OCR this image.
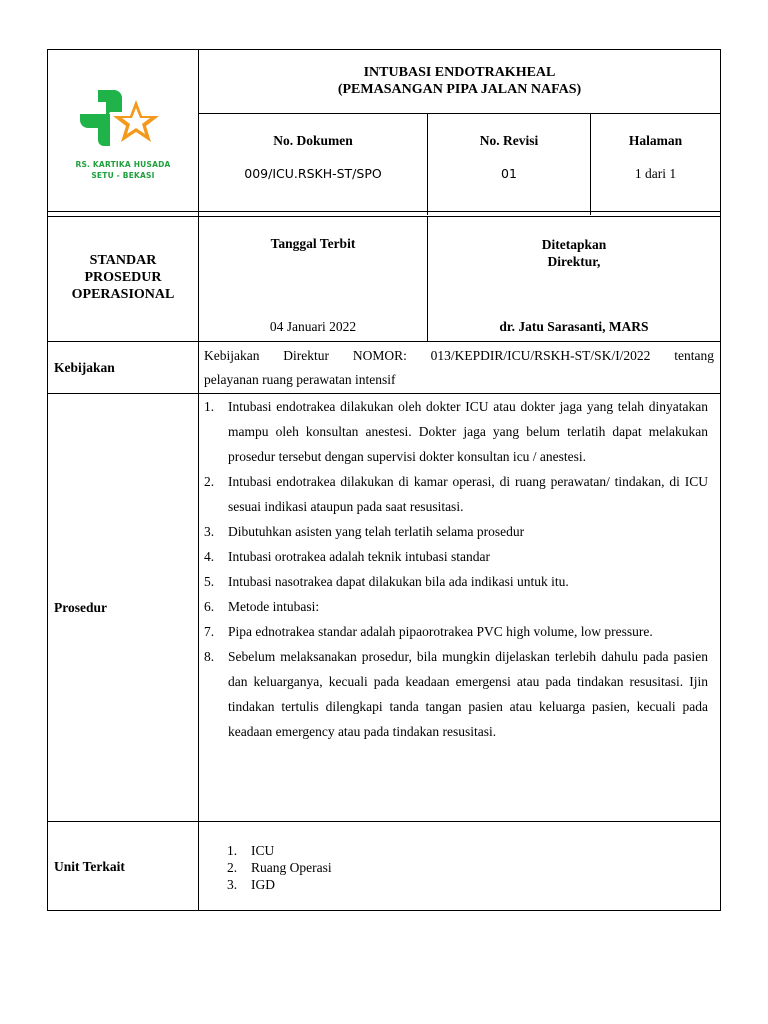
RS. KARTIKA HUSADA
SETU - BEKASI
INTUBASI ENDOTRAKHEAL
(PEMASANGAN PIPA JALAN NAFAS)
No. Dokumen
009/ICU.RSKH-ST/SPO
No. Revisi
01
Halaman
1 dari 1
STANDAR
PROSEDUR
OPERASIONAL
Tanggal Terbit
04 Januari 2022
Ditetapkan
Direktur,
dr. Jatu Sarasanti, MARS
Kebijakan
Kebijakan Direktur NOMOR: 013/KEPDIR/ICU/RSKH-ST/SK/I/2022 tentang
pelayanan ruang perawatan intensif
Prosedur
1. Intubasi endotrakea dilakukan oleh dokter ICU atau dokter jaga yang telah dinyatakan mampu oleh konsultan anestesi. Dokter jaga yang belum terlatih dapat melakukan prosedur tersebut dengan supervisi dokter konsultan icu / anestesi.
2. Intubasi endotrakea dilakukan di kamar operasi, di ruang perawatan/ tindakan, di ICU sesuai indikasi ataupun pada saat resusitasi.
3. Dibutuhkan asisten yang telah terlatih selama prosedur
4. Intubasi orotrakea adalah teknik intubasi standar
5. Intubasi nasotrakea dapat dilakukan bila ada indikasi untuk itu.
6. Metode intubasi:
7. Pipa ednotrakea standar adalah pipaorotrakea PVC high volume, low pressure.
8. Sebelum melaksanakan prosedur, bila mungkin dijelaskan terlebih dahulu pada pasien dan keluarganya, kecuali pada keadaan emergensi atau pada tindakan resusitasi. Ijin tindakan tertulis dilengkapi tanda tangan pasien atau keluarga pasien, kecuali pada keadaan emergency atau pada tindakan resusitasi.
Unit Terkait
1. ICU
2. Ruang Operasi
3. IGD
